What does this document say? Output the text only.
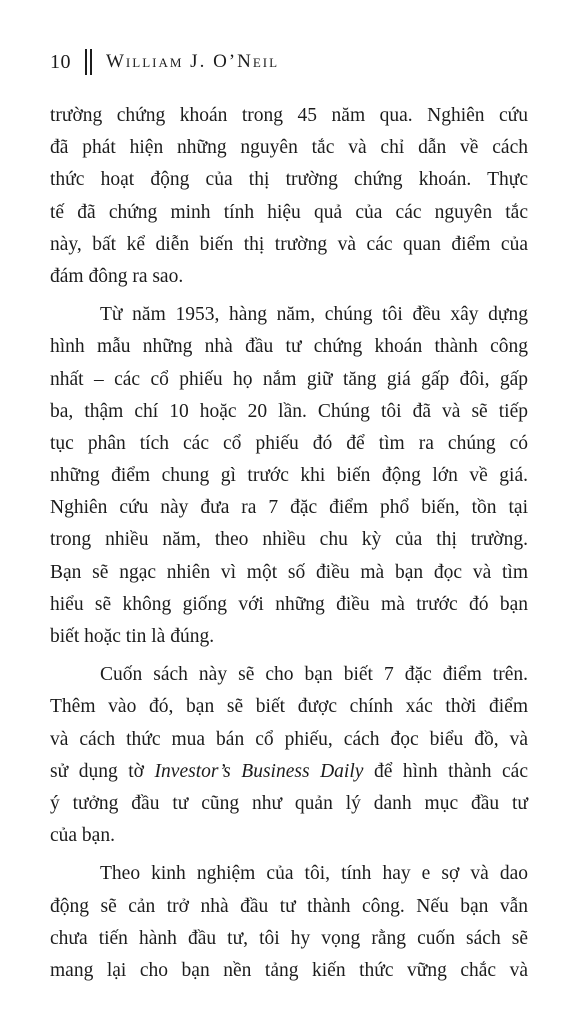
10 William J. O’Neil
trường chứng khoán trong 45 năm qua. Nghiên cứu
đã phát hiện những nguyên tắc và chỉ dẫn về cách
thức hoạt động của thị trường chứng khoán. Thực
tế đã chứng minh tính hiệu quả của các nguyên tắc
này, bất kể diễn biến thị trường và các quan điểm của
đám đông ra sao.
Từ năm 1953, hàng năm, chúng tôi đều xây dựng
hình mẫu những nhà đầu tư chứng khoán thành công
nhất – các cổ phiếu họ nắm giữ tăng giá gấp đôi, gấp
ba, thậm chí 10 hoặc 20 lần. Chúng tôi đã và sẽ tiếp
tục phân tích các cổ phiếu đó để tìm ra chúng có
những điểm chung gì trước khi biến động lớn về giá.
Nghiên cứu này đưa ra 7 đặc điểm phổ biến, tồn tại
trong nhiều năm, theo nhiều chu kỳ của thị trường.
Bạn sẽ ngạc nhiên vì một số điều mà bạn đọc và tìm
hiểu sẽ không giống với những điều mà trước đó bạn
biết hoặc tin là đúng.
Cuốn sách này sẽ cho bạn biết 7 đặc điểm trên.
Thêm vào đó, bạn sẽ biết được chính xác thời điểm
và cách thức mua bán cổ phiếu, cách đọc biểu đồ, và
sử dụng tờ Investor’s Business Daily để hình thành các
ý tưởng đầu tư cũng như quản lý danh mục đầu tư
của bạn.
Theo kinh nghiệm của tôi, tính hay e sợ và dao
động sẽ cản trở nhà đầu tư thành công. Nếu bạn vẫn
chưa tiến hành đầu tư, tôi hy vọng rằng cuốn sách sẽ
mang lại cho bạn nền tảng kiến thức vững chắc và
